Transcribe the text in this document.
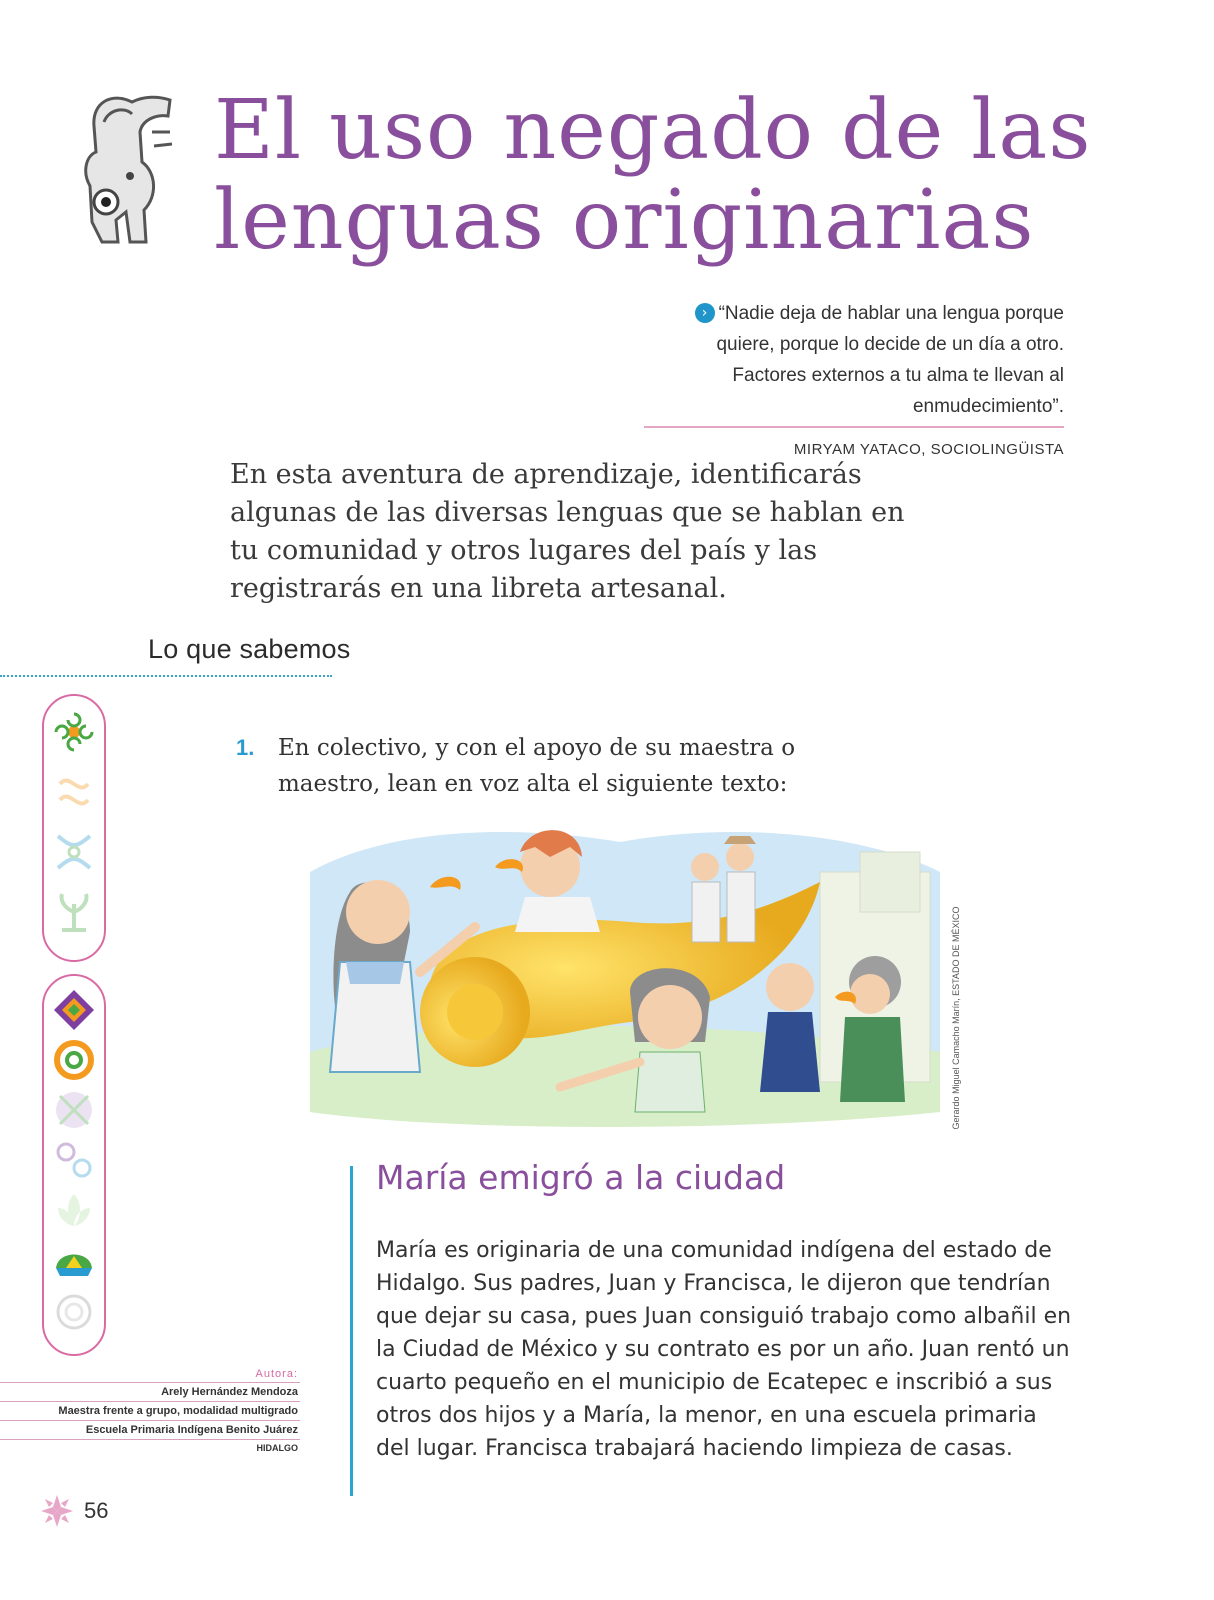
El uso negado de las lenguas originarias
› “Nadie deja de hablar una lengua porque quiere, porque lo decide de un día a otro. Factores externos a tu alma te llevan al enmudecimiento”.
MIRYAM YATACO, SOCIOLINGÜISTA

En esta aventura de aprendizaje, identificarás algunas de las diversas lenguas que se hablan en tu comunidad y otros lugares del país y las registrarás en una libreta artesanal.

Lo que sabemos
1. En colectivo, y con el apoyo de su maestra o maestro, lean en voz alta el siguiente texto:
Gerardo Miguel Camacho Marín, ESTADO DE MÉXICO
María emigró a la ciudad

María es originaria de una comunidad indígena del estado de Hidalgo. Sus padres, Juan y Francisca, le dijeron que tendrían que dejar su casa, pues Juan consiguió trabajo como albañil en la Ciudad de México y su contrato es por un año. Juan rentó un cuarto pequeño en el municipio de Ecatepec e inscribió a sus otros dos hijos y a María, la menor, en una escuela primaria del lugar. Francisca trabajará haciendo limpieza de casas.

Autora:
Arely Hernández Mendoza
Maestra frente a grupo, modalidad multigrado
Escuela Primaria Indígena Benito Juárez
HIDALGO
56
